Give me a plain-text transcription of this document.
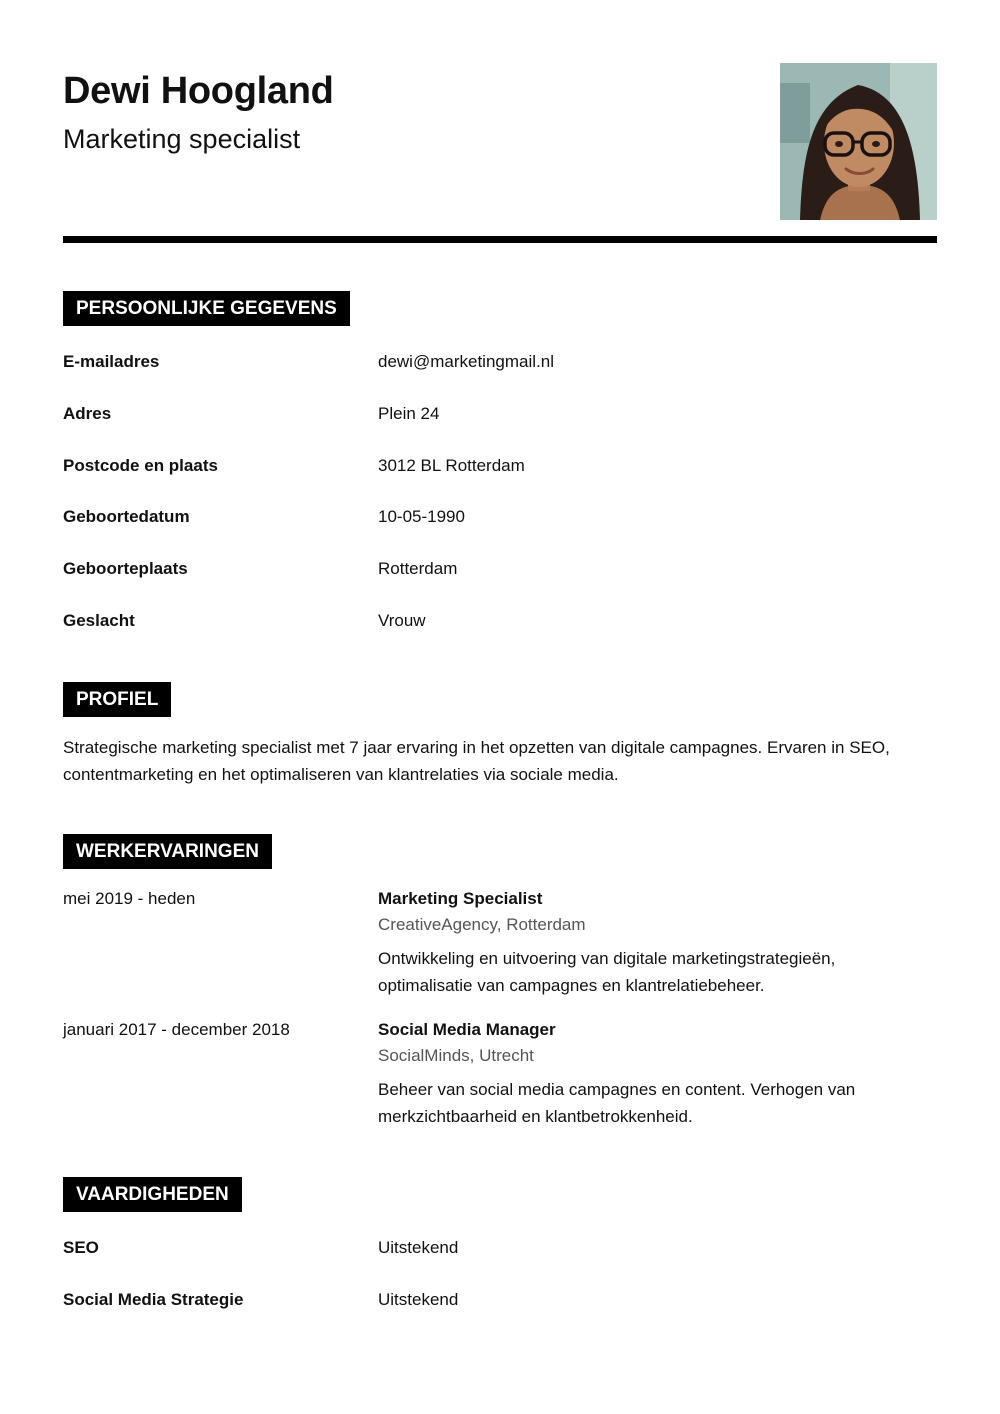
Dewi Hoogland
Marketing specialist
PERSOONLIJKE GEGEVENS
E-mailadres	dewi@marketingmail.nl
Adres	Plein 24
Postcode en plaats	3012 BL Rotterdam
Geboortedatum	10-05-1990
Geboorteplaats	Rotterdam
Geslacht	Vrouw
PROFIEL
Strategische marketing specialist met 7 jaar ervaring in het opzetten van digitale campagnes. Ervaren in SEO, contentmarketing en het optimaliseren van klantrelaties via sociale media.
WERKERVARINGEN
mei 2019 - heden	Marketing Specialist
CreativeAgency, Rotterdam
Ontwikkeling en uitvoering van digitale marketingstrategieën, optimalisatie van campagnes en klantrelatiebeheer.
januari 2017 - december 2018	Social Media Manager
SocialMinds, Utrecht
Beheer van social media campagnes en content. Verhogen van merkzichtbaarheid en klantbetrokkenheid.
VAARDIGHEDEN
SEO	Uitstekend
Social Media Strategie	Uitstekend
